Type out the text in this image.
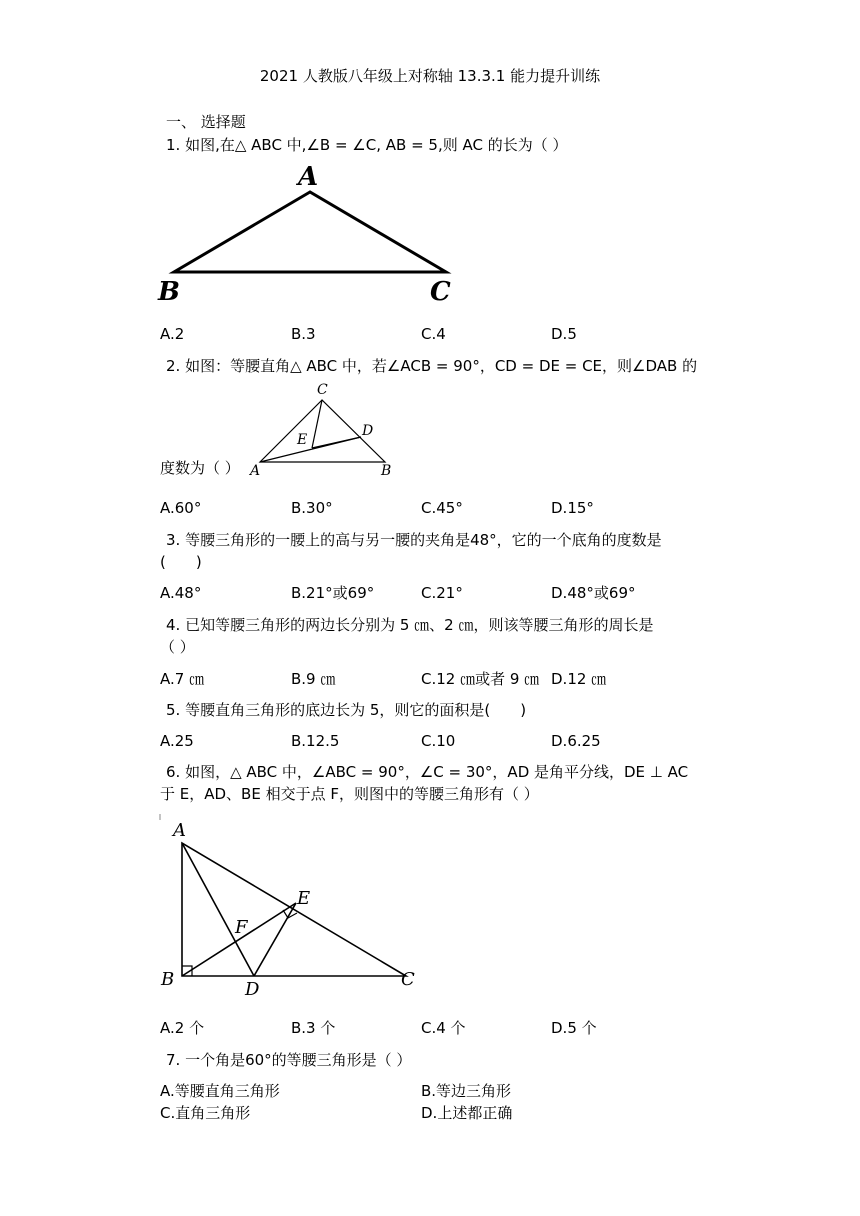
2021 人教版八年级上对称轴 13.3.1 能力提升训练
一、 选择题
1. 如图,在△ ABC 中,∠B = ∠C, AB = 5,则 AC 的长为（ ）
A
B	C
A.2	B.3	C.4	D.5
2. 如图：等腰直角△ ABC 中，若∠ACB = 90°，CD = DE = CE，则∠DAB 的
C
E
D
A	B
度数为（ ）
A.60°	B.30°	C.45°	D.15°
3. 等腰三角形的一腰上的高与另一腰的夹角是48°，它的一个底角的度数是
(　　)
A.48°	B.21°或69°	C.21°	D.48°或69°
4. 已知等腰三角形的两边长分别为 5 ㎝、2 ㎝，则该等腰三角形的周长是
（ ）
A.7 ㎝	B.9 ㎝	C.12 ㎝或者 9 ㎝ D.12 ㎝
5. 等腰直角三角形的底边长为 5，则它的面积是(　　)
A.25	B.12.5	C.10	D.6.25
6. 如图，△ ABC 中，∠ABC = 90°，∠C = 30°，AD 是角平分线，DE ⊥ AC
于 E，AD、BE 相交于点 F，则图中的等腰三角形有（ ）
A
E
F
B	D	C
A.2 个	B.3 个	C.4 个	D.5 个
7. 一个角是60°的等腰三角形是（ ）
A.等腰直角三角形	B.等边三角形
C.直角三角形	D.上述都正确
